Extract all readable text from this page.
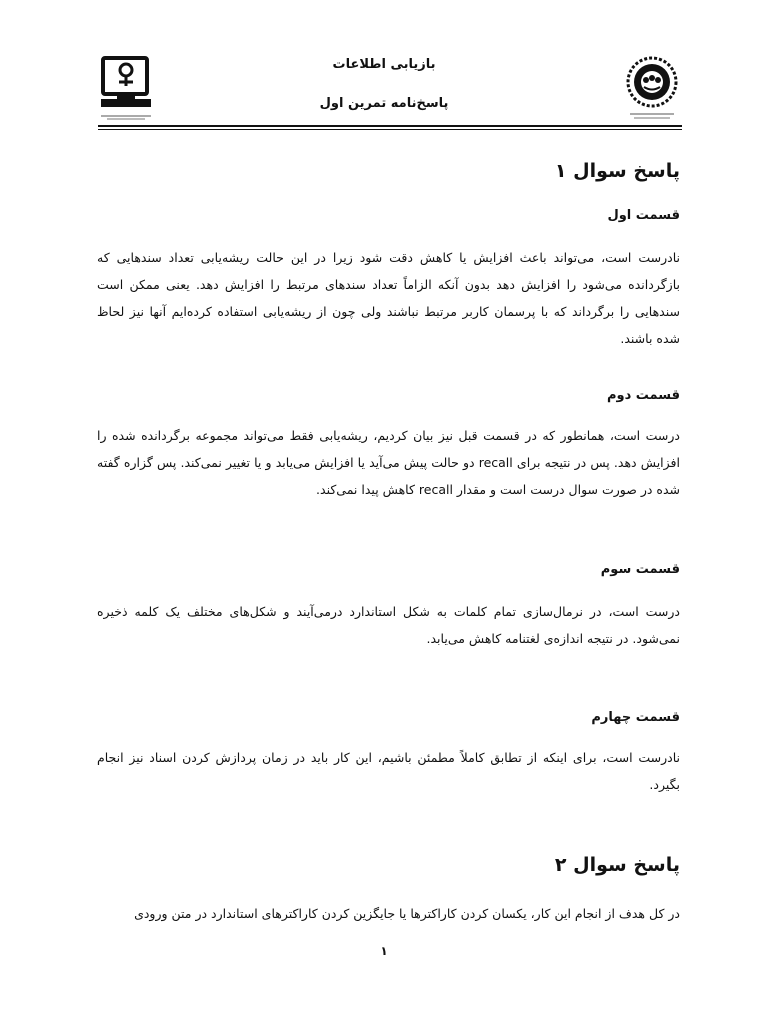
بازیابی اطلاعات
پاسخ‌نامه تمرین اول
پاسخ سوال ۱
قسمت اول

نادرست است، می‌تواند باعث افزایش یا کاهش دقت شود زیرا در این حالت ریشه‌یابی تعداد سندهایی که بازگردانده می‌شود را افزایش دهد بدون آنکه الزاماً تعداد سندهای مرتبط را افزایش دهد. یعنی ممکن است سندهایی را برگرداند که با پرسمان کاربر مرتبط نباشند ولی چون از ریشه‌یابی استفاده کرده‌ایم آنها نیز لحاظ شده باشند.

قسمت دوم

درست است، همانطور که در قسمت قبل نیز بیان کردیم، ریشه‌یابی فقط می‌تواند مجموعه برگردانده شده را افزایش دهد. پس در نتیجه برای recall دو حالت پیش می‌آید یا افزایش می‌یابد و یا تغییر نمی‌کند. پس گزاره گفته شده در صورت سوال درست است و مقدار recall کاهش پیدا نمی‌کند.

قسمت سوم

درست است، در نرمال‌سازی تمام کلمات به شکل استاندارد درمی‌آیند و شکل‌های مختلف یک کلمه ذخیره نمی‌شود. در نتیجه اندازه‌ی لغتنامه کاهش می‌یابد.

قسمت چهارم

نادرست است، برای اینکه از تطابق کاملاً مطمئن باشیم، این کار باید در زمان پردازش کردن اسناد نیز انجام بگیرد.

پاسخ سوال ۲

در کل هدف از انجام این کار، یکسان کردن کاراکترها یا جایگزین کردن کاراکترهای استاندارد در متن ورودی

۱
